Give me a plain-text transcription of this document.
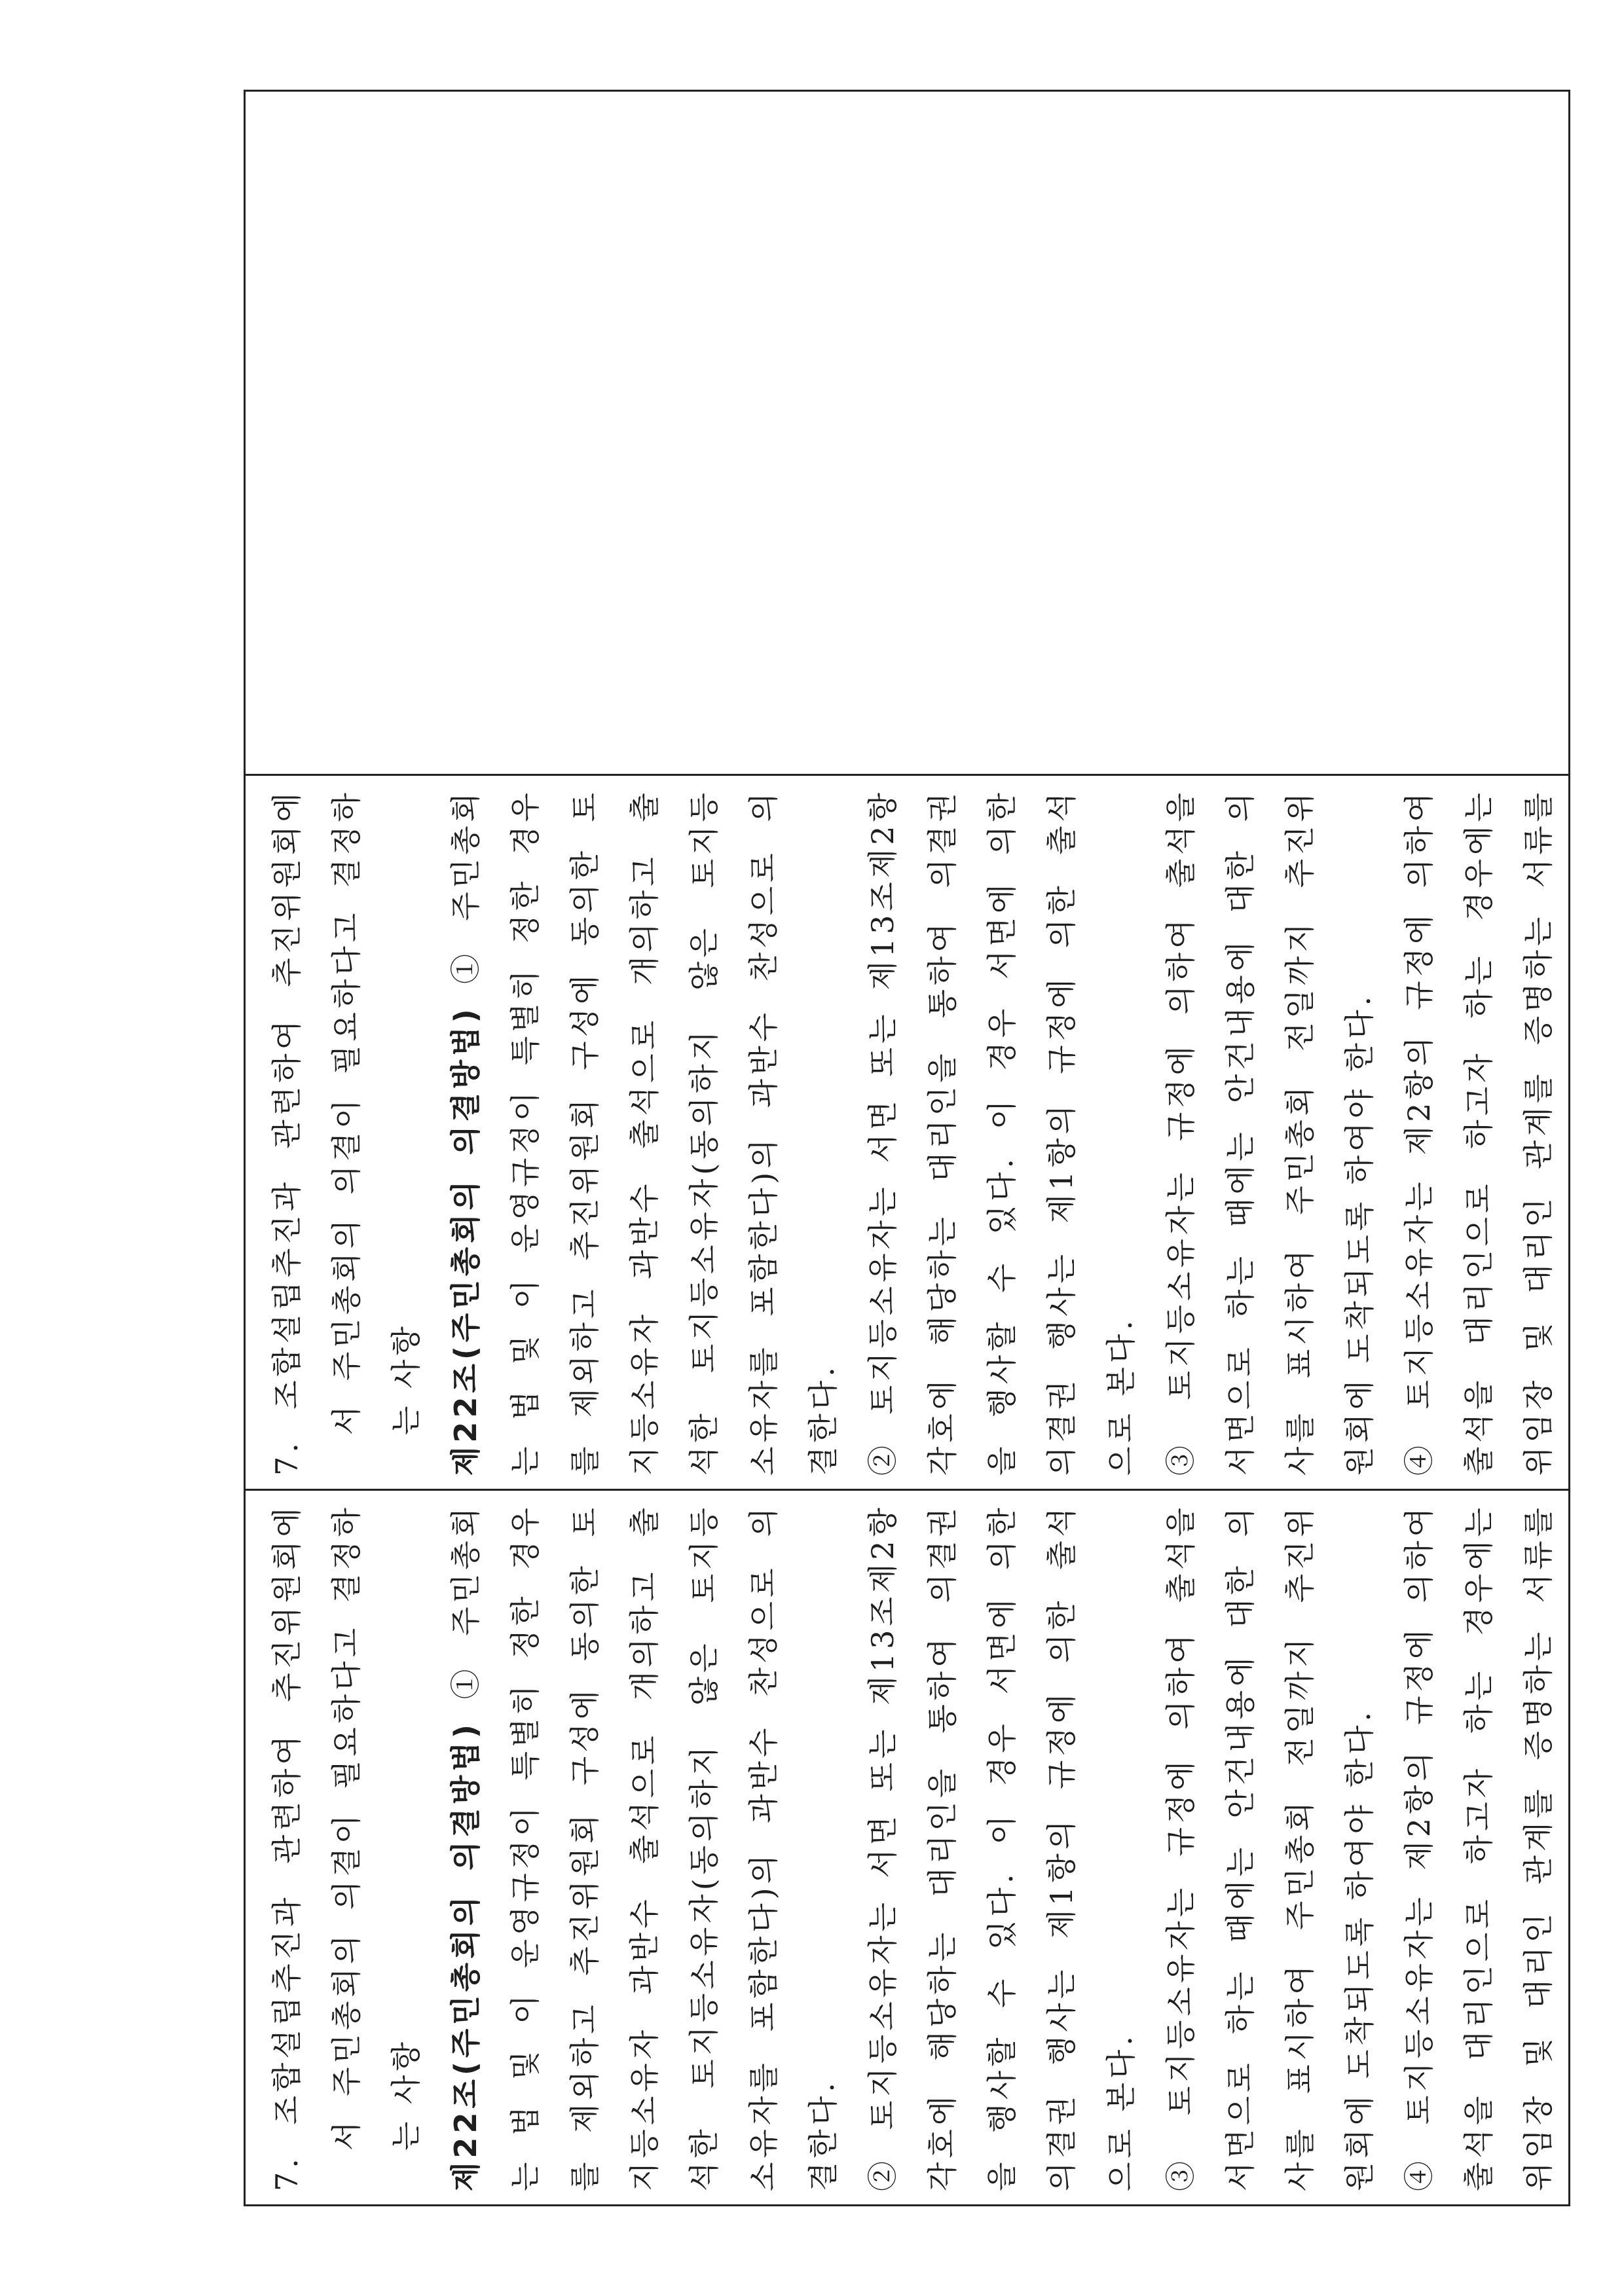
7. 조합설립추진과 관련하여 추진위원회에 서 주민총회의 의결이 필요하다고 결정하 는 사항 제22조(주민총회의 의결방법) ① 주민총회 는 법 및 이 운영규정이 특별히 정한 경우 를 제외하고 추진위원회 구성에 동의한 토 지등소유자 과반수 출석으로 개의하고 출 석한 토지등소유자(동의하지 않은 토지등 소유자를 포함한다)의 과반수 찬성으로 의 결한다. ② 토지등소유자는 서면 또는 제13조제2항 각호에 해당하는 대리인을 통하여 의결권 을 행사할 수 있다. 이 경우 서면에 의한 의결권 행사는 제1항의 규정에 의한 출석 으로 본다. ③ 토지등소유자는 규정에 의하여 출석을 서면으로 하는 때에는 안건내용에 대한 의 사를 표시하여 주민총회 전일까지 추진위 원회에 도착되도록 하여야 한다. ④ 토지등소유자는 제2항의 규정에 의하여 출석을 대리인으로 하고자 하는 경우에는 위임장 및 대리인 관계를 증명하는 서류를

7. 조합설립추진과 관련하여 추진위원회에 서 주민총회의 의결이 필요하다고 결정하 는 사항 제22조(주민총회의 의결방법) ① 주민총회 는 법 및 이 운영규정이 특별히 정한 경우 를 제외하고 추진위원회 구성에 동의한 토 지등소유자 과반수 출석으로 개의하고 출 석한 토지등소유자(동의하지 않은 토지등 소유자를 포함한다)의 과반수 찬성으로 의 결한다. ② 토지등소유자는 서면 또는 제13조제2항 각호에 해당하는 대리인을 통하여 의결권 을 행사할 수 있다. 이 경우 서면에 의한 의결권 행사는 제1항의 규정에 의한 출석 으로 본다. ③ 토지등소유자는 규정에 의하여 출석을 서면으로 하는 때에는 안건내용에 대한 의 사를 표시하여 주민총회 전일까지 추진위 원회에 도착되도록 하여야 한다. ④ 토지등소유자는 제2항의 규정에 의하여 출석을 대리인으로 하고자 하는 경우에는 위임장 및 대리인 관계를 증명하는 서류를
